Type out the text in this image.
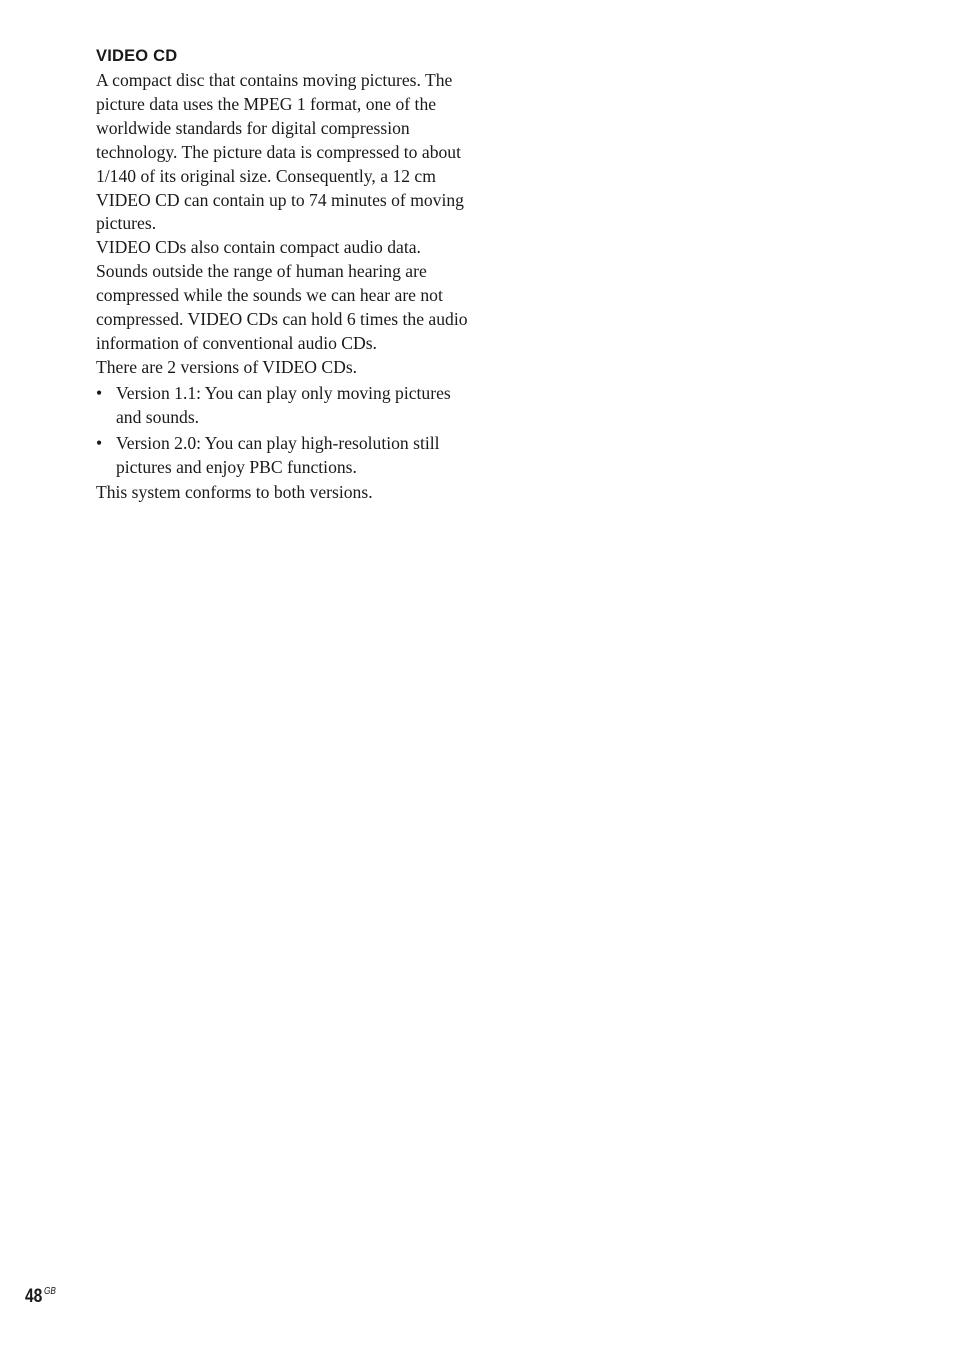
VIDEO CD

A compact disc that contains moving pictures. The picture data uses the MPEG 1 format, one of the worldwide standards for digital compression technology. The picture data is compressed to about 1/140 of its original size. Consequently, a 12 cm VIDEO CD can contain up to 74 minutes of moving pictures.

VIDEO CDs also contain compact audio data. Sounds outside the range of human hearing are compressed while the sounds we can hear are not compressed. VIDEO CDs can hold 6 times the audio information of conventional audio CDs.

There are 2 versions of VIDEO CDs.

• Version 1.1: You can play only moving pictures and sounds.
• Version 2.0: You can play high-resolution still pictures and enjoy PBC functions.

This system conforms to both versions.

48 $^{GB}$
